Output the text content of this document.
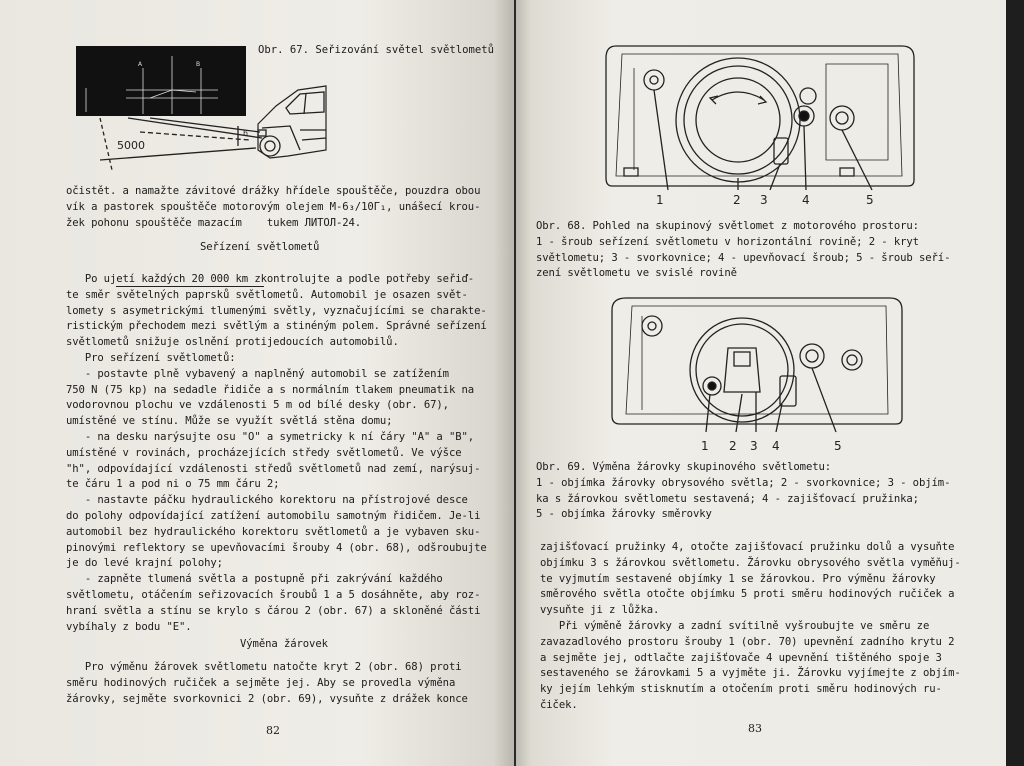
5000
h
A	B
Obr. 67. Seřizování světel světlometů
očistět. a namažte závitové drážky hřídele spouštěče, pouzdra obou
vík a pastorek spouštěče motorovým olejem M-6₃/10Г₁, unášecí krou-
žek pohonu spouštěče mazacím    tukem ЛИТОЛ-24.
Seřízení světlometů
Po ujetí každých 20 000 km zkontrolujte a podle potřeby seřiď-
te směr světelných paprsků světlometů. Automobil je osazen svět-
lomety s asymetrickými tlumenými světly, vyznačujícími se charakte-
ristickým přechodem mezi světlým a stinéným polem. Správné seřízení
světlometů snižuje oslnění protijedoucích automobilů.
Pro seřízení světlometů:
- postavte plně vybavený a naplněný automobil se zatížením
750 N (75 kp) na sedadle řidiče a s normálním tlakem pneumatik na
vodorovnou plochu ve vzdálenosti 5 m od bílé desky (obr. 67),
umístěné ve stínu. Může se využít světlá stěna domu;
- na desku narýsujte osu "O" a symetricky k ní čáry "A" a "B",
umístěné v rovinách, procházejících středy světlometů. Ve výšce
"h", odpovídající vzdálenosti středů světlometů nad zemí, narýsuj-
te čáru 1 a pod ni o 75 mm čáru 2;
- nastavte páčku hydraulického korektoru na přístrojové desce
do polohy odpovídající zatížení automobilu samotným řidičem. Je-li
automobil bez hydraulického korektoru světlometů a je vybaven sku-
pinovými reflektory se upevňovacími šrouby 4 (obr. 68), odšroubujte
je do levé krajní polohy;
- zapněte tlumená světla a postupně při zakrývání každého
světlometu, otáčením seřizovacích šroubů 1 a 5 dosáhněte, aby roz-
hraní světla a stínu se krylo s čárou 2 (obr. 67) a skloněné části
vybíhaly z bodu "E".
Výměna žárovek
Pro výměnu žárovek světlometu natočte kryt 2 (obr. 68) proti
směru hodinových ručiček a sejměte jej. Aby se provedla výměna
žárovky, sejměte svorkovnici 2 (obr. 69), vysuňte z drážek konce
82
1	2 3	4	5
Obr. 68. Pohled na skupinový světlomet z motorového prostoru:
1 - šroub seřízení světlometu v horizontální rovině; 2 - kryt
světlometu; 3 - svorkovnice; 4 - upevňovací šroub; 5 - šroub seří-
zení světlometu ve svislé rovině
1 2 3 4	5
Obr. 69. Výměna žárovky skupinového světlometu:
1 - objímka žárovky obrysového světla; 2 - svorkovnice; 3 - objím-
ka s žárovkou světlometu sestavená; 4 - zajišťovací pružinka;
5 - objímka žárovky směrovky
zajišťovací pružinky 4, otočte zajišťovací pružinku dolů a vysuňte
objímku 3 s žárovkou světlometu. Žárovku obrysového světla vyměňuj-
te vyjmutím sestavené objímky 1 se žárovkou. Pro výměnu žárovky
směrového světla otočte objímku 5 proti směru hodinových ručiček a
vysuňte ji z lůžka.
Při výměně žárovky a zadní svítilně vyšroubujte ve směru ze
zavazadlového prostoru šrouby 1 (obr. 70) upevnění zadního krytu 2
a sejměte jej, odtlačte zajišťovače 4 upevnění tištěného spoje 3
sestaveného se žárovkami 5 a vyjměte ji. Žárovku vyjímejte z objím-
ky jejím lehkým stisknutím a otočením proti směru hodinových ru-
čiček.
83
